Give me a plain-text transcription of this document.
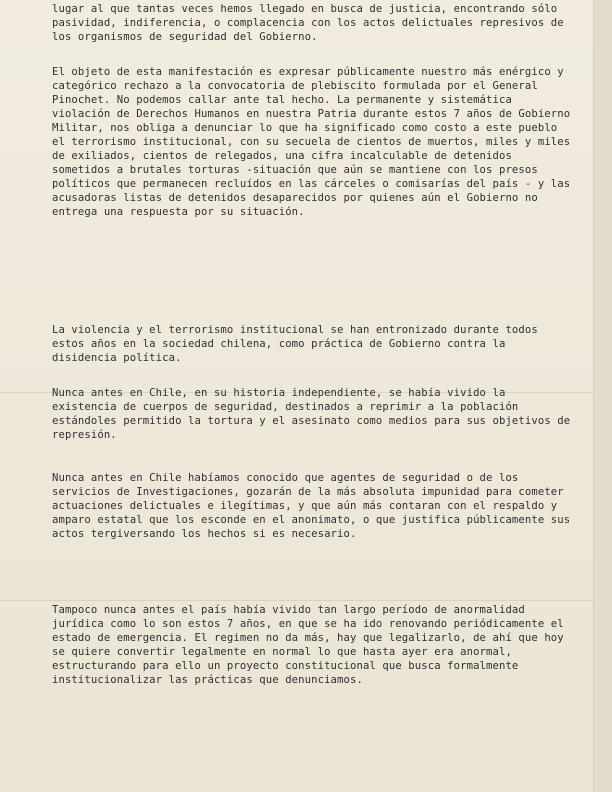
lugar al que tantas veces hemos llegado en busca de justicia, encontrando sólo pasividad, indiferencia, o complacencia con los actos delictuales represivos de los organismos de seguridad del Gobierno.

El objeto de esta manifestación es expresar públicamente nuestro más enérgico y categórico rechazo a la convocatoria de plebiscito formulada por el General Pinochet. No podemos callar ante tal hecho. La permanente y sistemática violación de Derechos Humanos en nuestra Patria durante estos 7 años de Gobierno Militar, nos obliga a denunciar lo que ha significado como costo a este pueblo el terrorismo institucional, con su secuela de cientos de muertos, miles y miles de exiliados, cientos de relegados, una cifra incalculable de detenidos sometidos a brutales torturas -situación que aún se mantiene con los presos políticos que permanecen recluídos en las cárceles o comisarías del país - y las acusadoras listas de detenidos desaparecidos por quienes aún el Gobierno no entrega una respuesta por su situación.

La violencia y el terrorismo institucional se han entronizado durante todos estos años en la sociedad chilena, como práctica de Gobierno contra la disidencia política.

Nunca antes en Chile, en su historia independiente, se había vivido la existencia de cuerpos de seguridad, destinados a reprimir a la población estándoles permitido la tortura y el asesinato como medios para sus objetivos de represión.

Nunca antes en Chile habíamos conocido que agentes de seguridad o de los servicios de Investigaciones, gozarán de la más absoluta impunidad para cometer actuaciones delictuales e ilegítimas, y que aún más contaran con el respaldo y amparo estatal que los esconde en el anonimato, o que justifica públicamente sus actos tergiversando los hechos si es necesario.

Tampoco nunca antes el país había vivido tan largo período de anormalidad jurídica como lo son estos 7 años, en que se ha ido renovando periódicamente el estado de emergencia. El regimen no da más, hay que legalizarlo, de ahí que hoy se quiere convertir legalmente en normal lo que hasta ayer era anormal, estructurando para ello un proyecto constitucional que busca formalmente institucionalizar las prácticas que denunciamos.
